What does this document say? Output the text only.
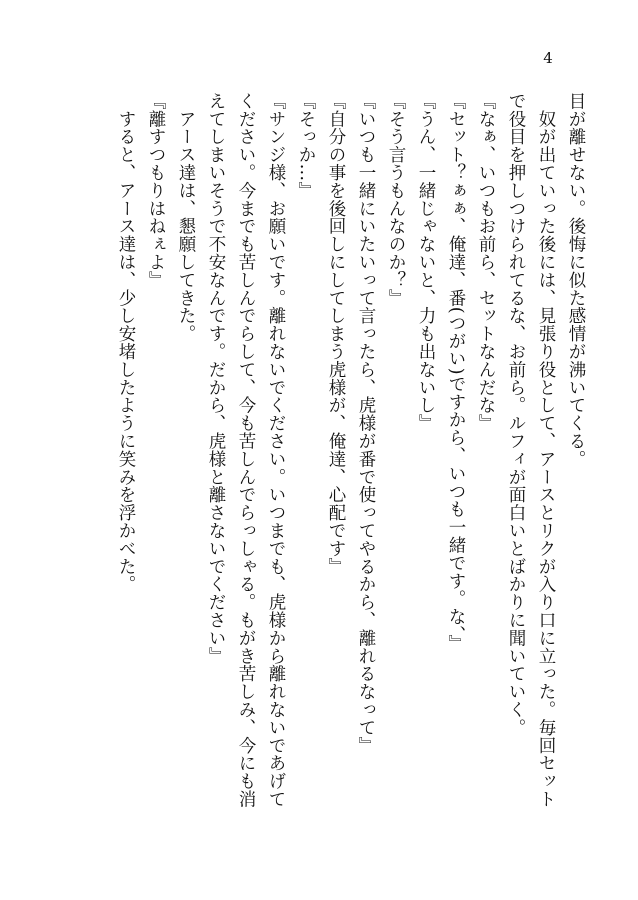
4
目が離せない。後悔に似た感情が沸いてくる。
　奴が出ていった後には、見張り役として、アースとリクが入り口に立った。毎回セット
で役目を押しつけられてるな、お前ら。ルフィが面白いとばかりに聞いていく。
『なぁ、いつもお前ら、セットなんだな』
『セット？ぁぁ、俺達、番(つがい)ですから、いつも一緒です。な、』
『うん、一緒じゃないと、力も出ないし』
『そう言うもんなのか？』
『いつも一緒にいたいって言ったら、虎様が番で使ってやるから、離れるなって』
『自分の事を後回しにしてしまう虎様が、俺達、心配です』
『そっか…』
『サンジ様、お願いです。離れないでください。いつまでも、虎様から離れないであげて
ください。今までも苦しんでらして、今も苦しんでらっしゃる。もがき苦しみ、今にも消
えてしまいそうで不安なんです。だから、虎様と離さないでください』
　アース達は、懇願してきた。
『離すつもりはねぇよ』
　すると、アース達は、少し安堵したように笑みを浮かべた。
